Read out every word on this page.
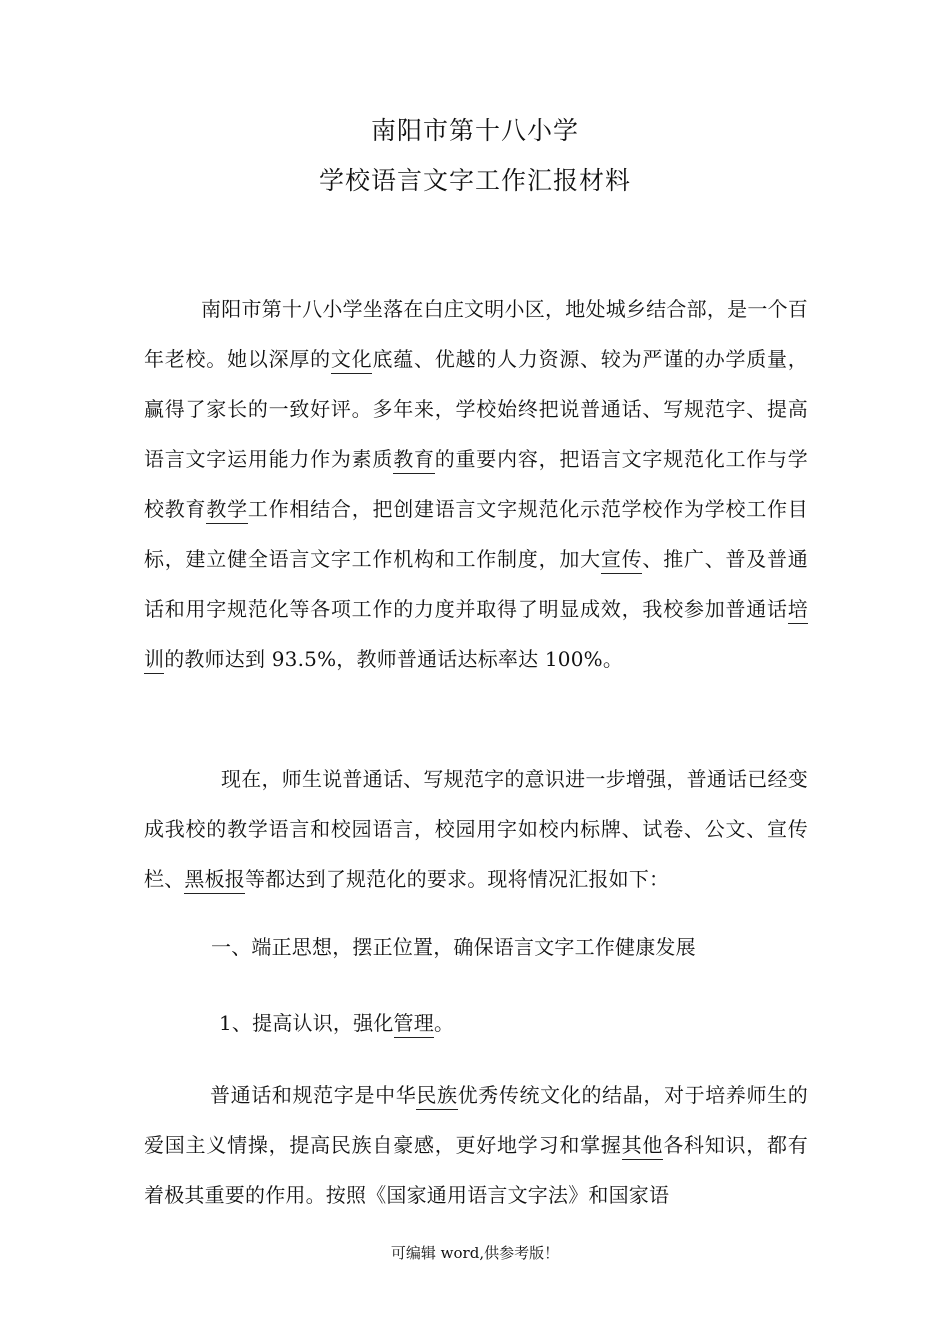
南阳市第十八小学
学校语言文字工作汇报材料
南阳市第十八小学坐落在白庄文明小区，地处城乡结合部，是一个百年老校。她以深厚的文化底蕴、优越的人力资源、较为严谨的办学质量，赢得了家长的一致好评。多年来，学校始终把说普通话、写规范字、提高语言文字运用能力作为素质教育的重要内容，把语言文字规范化工作与学校教育教学工作相结合，把创建语言文字规范化示范学校作为学校工作目标，建立健全语言文字工作机构和工作制度，加大宣传、推广、普及普通话和用字规范化等各项工作的力度并取得了明显成效，我校参加普通话培训的教师达到 93.5%，教师普通话达标率达 100%。
现在，师生说普通话、写规范字的意识进一步增强，普通话已经变成我校的教学语言和校园语言，校园用字如校内标牌、试卷、公文、宣传栏、黑板报等都达到了规范化的要求。现将情况汇报如下：
一、端正思想，摆正位置，确保语言文字工作健康发展
1、提高认识，强化管理。
普通话和规范字是中华民族优秀传统文化的结晶，对于培养师生的爱国主义情操，提高民族自豪感，更好地学习和掌握其他各科知识，都有着极其重要的作用。按照《国家通用语言文字法》和国家语
可编辑 word,供参考版！
